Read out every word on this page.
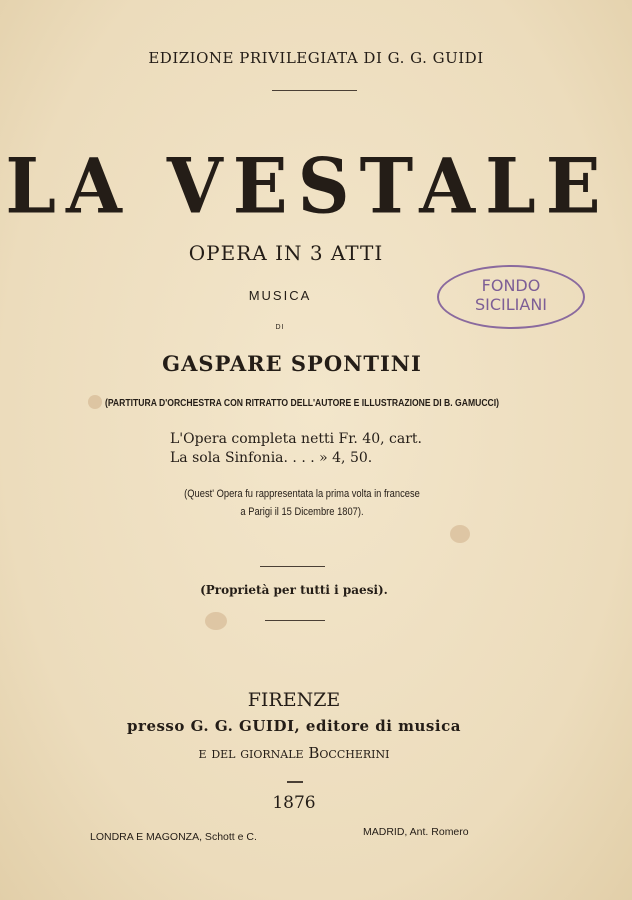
EDIZIONE PRIVILEGIATA DI G. G. GUIDI
LA VESTALE
OPERA IN 3 ATTI
MUSICA
DI
GASPARE SPONTINI
FONDO
SICILIANI
(PARTITURA D'ORCHESTRA CON RITRATTO DELL'AUTORE E ILLUSTRAZIONE DI B. GAMUCCI)
L'Opera completa netti Fr. 40, cart.
La sola Sinfonia. . . . » 4, 50.
(Quest' Opera fu rappresentata la prima volta in francese
a Parigi il 15 Dicembre 1807).
(Proprietà per tutti i paesi).
FIRENZE
presso G. G. GUIDI, editore di musica
e del giornale Boccherini
1876
LONDRA E MAGONZA, Schott e C.	MADRID, Ant. Romero
